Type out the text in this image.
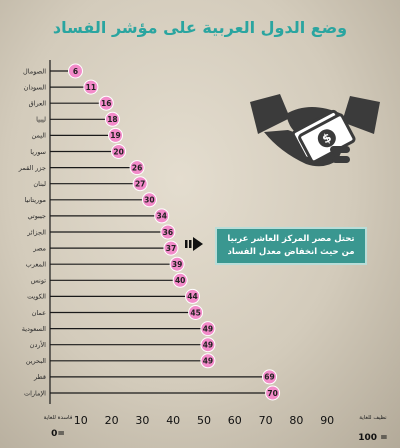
وضع الدول العربية على مؤشر الفساد
6
الصومال
11
السودان
16
العراق
18
ليبيا
19
اليمن
20
سوريا
26
جزر القمر
27
لبنان
30
موريتانيا
34
جيبوتي
36
الجزائر
37
مصر
39
المغرب
40
تونس
44
الكويت
45
عمان
49
السعودية
49
الأردن
49
البحرين
69
قطر
70
الإمارات
10 20 30 40 50 60 70 80 90
فاسدة للغاية
0=
نظيف للغاية
100 =
$
تحتل مصر المركز العاشر عربيا
من حيث انخفاض معدل الفساد
